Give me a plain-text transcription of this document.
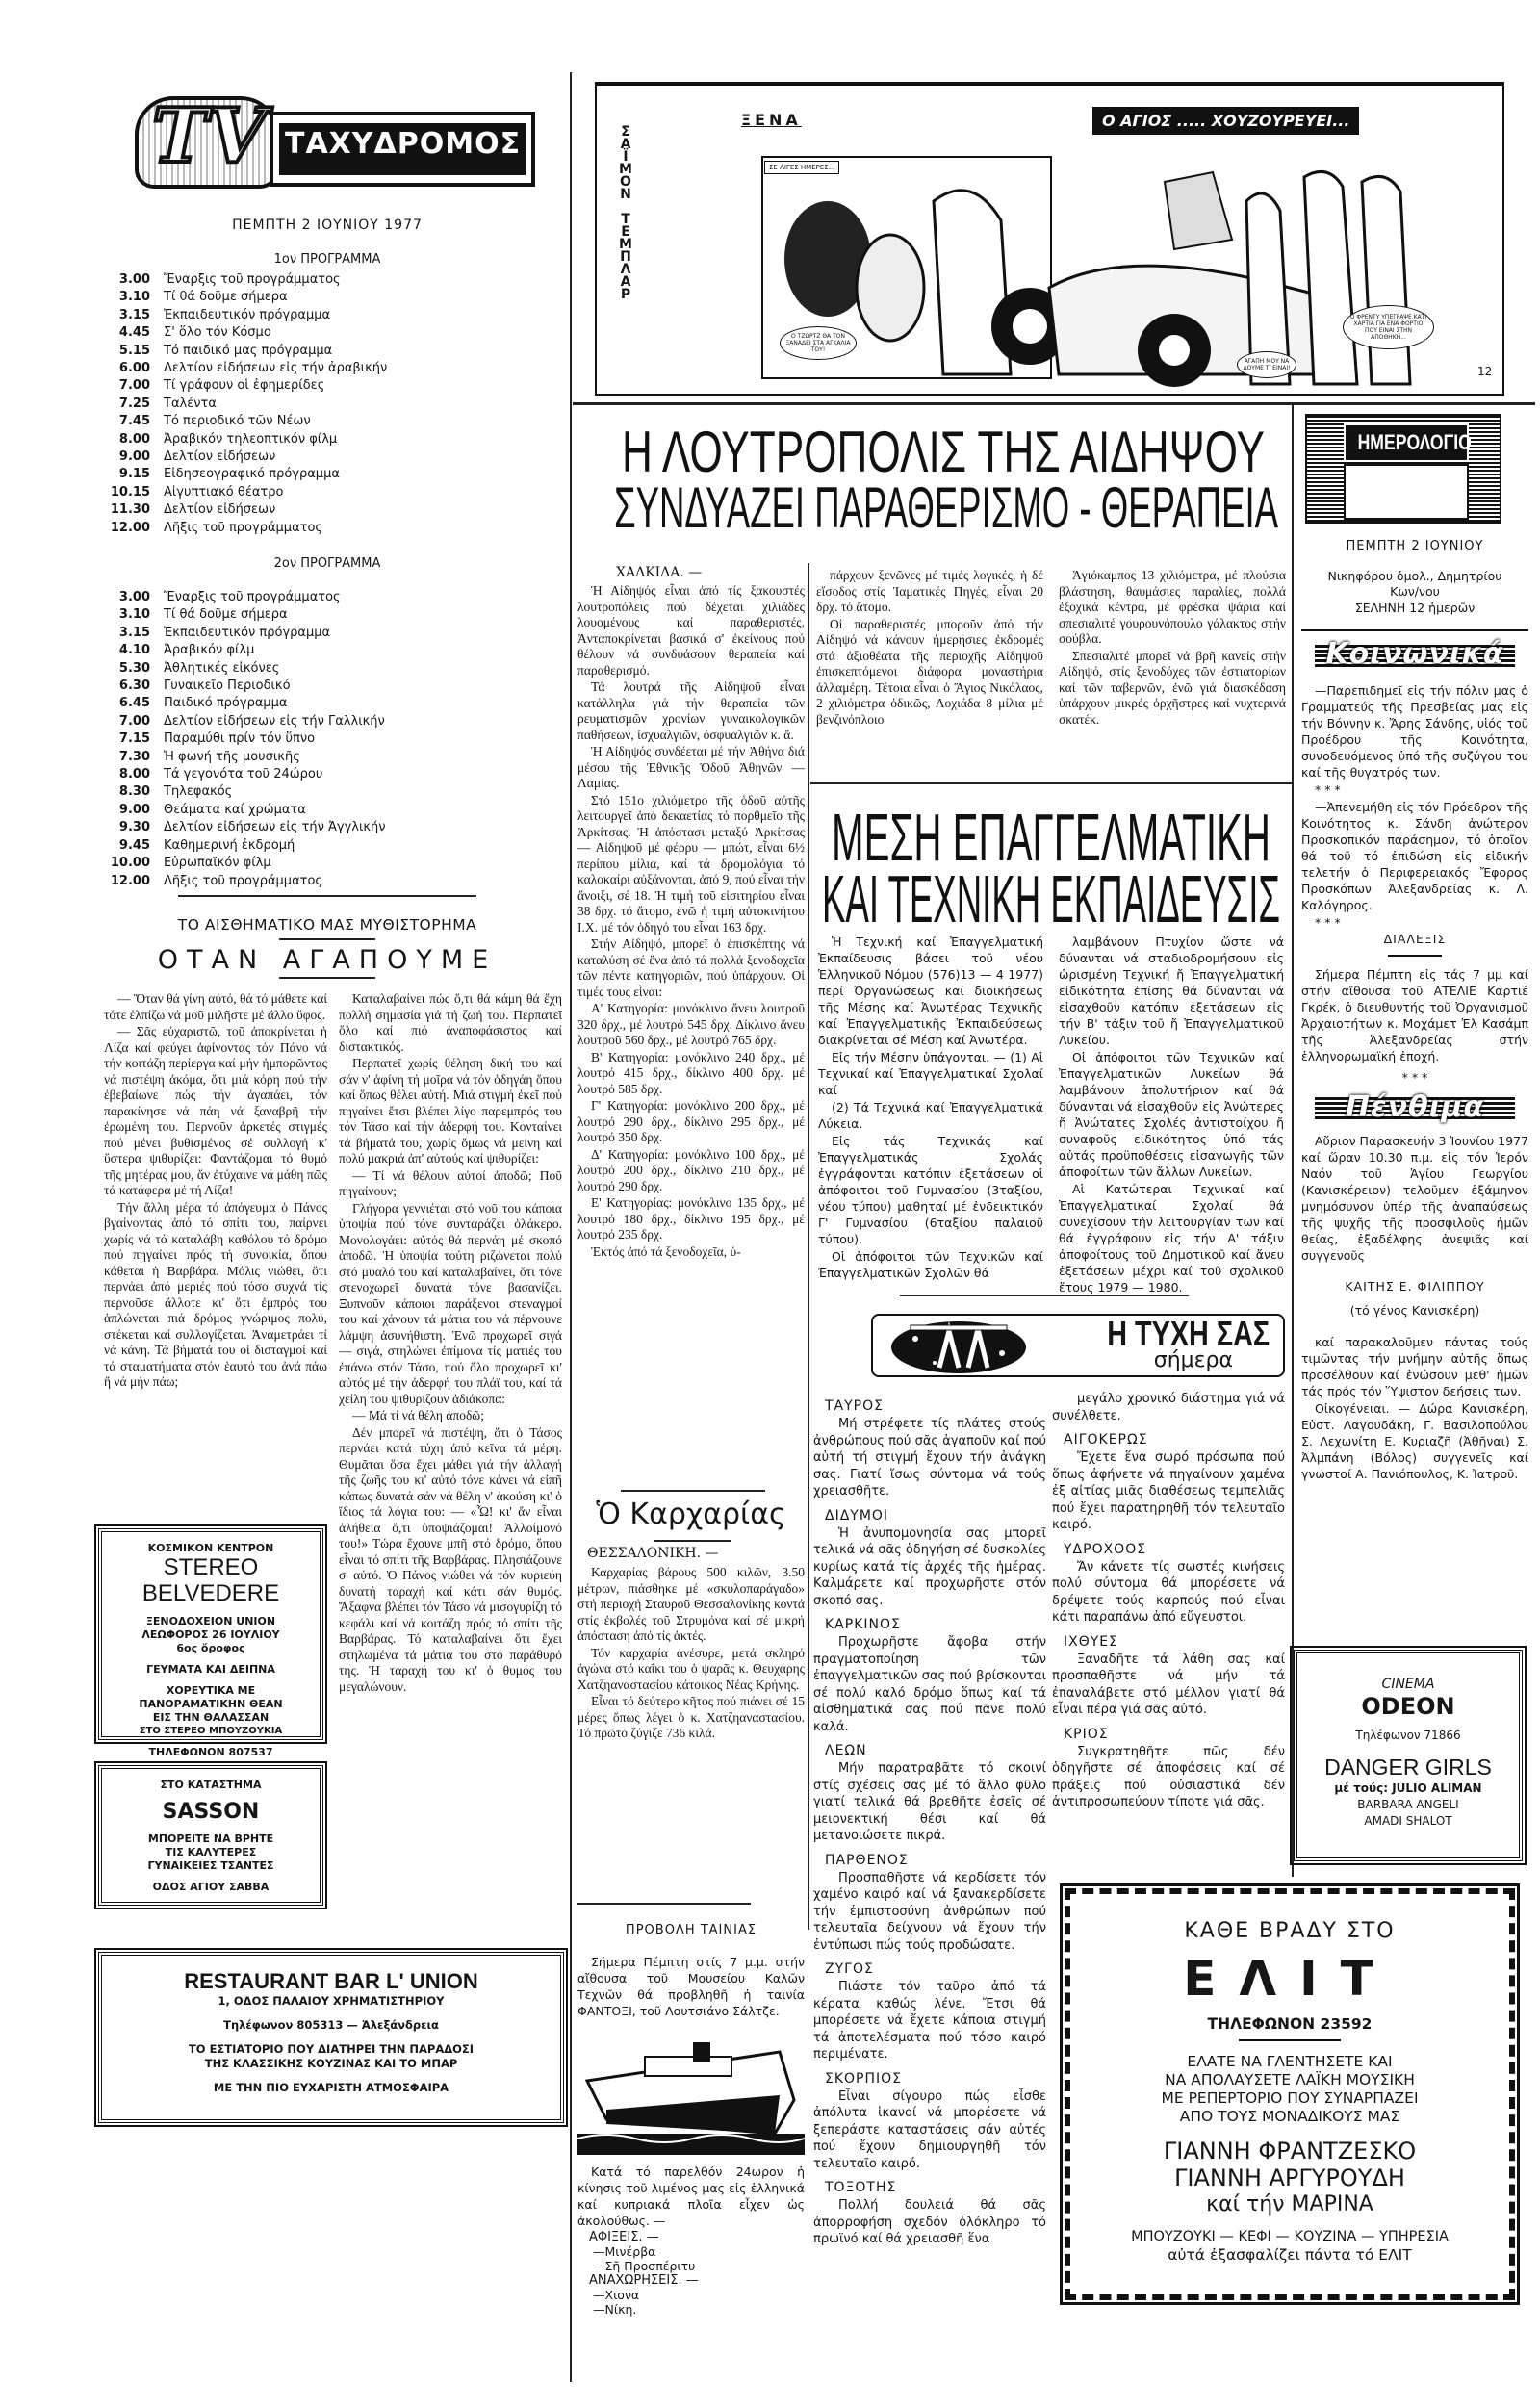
TV ΤΑΧΥΔΡΟΜΟΣ
ΠΕΜΠΤΗ 2 ΙΟΥΝΙΟΥ 1977
1ον ΠΡΟΓΡΑΜΜΑ
3.00	Ἔναρξις τοῦ προγράμματος
3.10	Τί θά δοῦμε σήμερα
3.15	Ἐκπαιδευτικόν πρόγραμμα
4.45	Σ' ὅλο τόν Κόσμο
5.15	Τό παιδικό μας πρόγραμμα
6.00	Δελτίον εἰδήσεων εἰς τήν ἀραβικήν
7.00	Τί γράφουν οἱ ἐφημερίδες
7.25	Ταλέντα
7.45	Τό περιοδικό τῶν Νέων
8.00	Ἀραβικόν τηλεοπτικόν φίλμ
9.00	Δελτίον εἰδήσεων
9.15	Εἰδησεογραφικό πρόγραμμα
10.15	Αἰγυπτιακό θέατρο
11.30	Δελτίον εἰδήσεων
12.00	Λῆξις τοῦ προγράμματος
2ον ΠΡΟΓΡΑΜΜΑ
3.00	Ἔναρξις τοῦ προγράμματος
3.10	Τί θά δοῦμε σήμερα
3.15	Ἐκπαιδευτικόν πρόγραμμα
4.10	Ἀραβικόν φίλμ
5.30	Ἀθλητικές εἰκόνες
6.30	Γυναικεῖο Περιοδικό
6.45	Παιδικό πρόγραμμα
7.00	Δελτίον εἰδήσεων εἰς τήν Γαλλικήν
7.15	Παραμύθι πρίν τόν ὕπνο
7.30	Ἡ φωνή τῆς μουσικῆς
8.00	Τά γεγονότα τοῦ 24ώρου
8.30	Τηλεφακός
9.00	Θεάματα καί χρώματα
9.30	Δελτίον εἰδήσεων εἰς τήν Ἀγγλικήν
9.45	Καθημερινή ἐκδρομή
10.00	Εὐρωπαϊκόν φίλμ
12.00	Λῆξις τοῦ προγράμματος
ΤΟ ΑΙΣΘΗΜΑΤΙΚΟ ΜΑΣ ΜΥΘΙΣΤΟΡΗΜΑ
ΟΤΑΝ ΑΓΑΠΟΥΜΕ

— Ὅταν θά γίνη αὐτό, θά τό μάθετε καί τότε ἐλπίζω νά μοῦ μιλῆστε μέ ἄλλο ὕφος.

— Σᾶς εὐχαριστῶ, τοῦ ἀποκρίνεται ἡ Λίζα καί φεύγει ἀφίνοντας τόν Πάνο νά τήν κοιτάζη περίεργα καί μήν ἠμπορῶντας νά πιστέψη ἀκόμα, ὅτι μιά κόρη πού τήν ἐβεβαίωνε πώς τήν ἀγαπάει, τόν παρακίνησε νά πάη νά ξαναβρῆ τήν ἐρωμένη του. Περνοῦν ἀρκετές στιγμές πού μένει βυθισμένος σέ συλλογή κ' ὕστερα ψιθυρίζει: Φαντάζομαι τό θυμό τῆς μητέρας μου, ἄν ἐτύχαινε νά μάθη πῶς τά κατάφερα μέ τή Λίζα!

Τήν ἄλλη μέρα τό ἀπόγευμα ὁ Πάνος βγαίνοντας ἀπό τό σπίτι του, παίρνει χωρίς νά τό καταλάβη καθόλου τό δρόμο πού πηγαίνει πρός τή συνοικία, ὅπου κάθεται ἡ Βαρβάρα. Μόλις νιώθει, ὅτι περνάει ἀπό μεριές πού τόσο συχνά τίς περνοῦσε ἄλλοτε κι' ὅτι ἐμπρός του ἁπλώνεται πιά δρόμος γνώριμος πολύ, στέκεται καί συλλογίζεται. Ἀναμετράει τί νά κάνη. Τά βήματά του οἱ δισταγμοί καί τά σταματήματα στόν ἑαυτό του ἀνά πάω ἤ νά μήν πάω;

Καταλαβαίνει πώς ὅ,τι θά κάμη θά ἔχη πολλή σημασία γιά τή ζωή του. Περπατεῖ ὅλο καί πιό ἀναποφάσιστος καί διστακτικός.

Περπατεῖ χωρίς θέληση δική του καί σάν ν' ἀφίνη τή μοῖρα νά τόν ὁδηγάη ὅπου καί ὅπως θέλει αὐτή. Μιά στιγμή ἐκεῖ πού πηγαίνει ἔτσι βλέπει λίγο παρεμπρός του τόν Τάσο καί τήν ἀδερφή του. Κονταίνει τά βήματά του, χωρίς ὅμως νά μείνη καί πολύ μακριά ἀπ' αὐτούς καί ψιθυρίζει:

— Τί νά θέλουν αὐτοί ἀποδῶ; Ποῦ πηγαίνουν;

Γλήγορα γεννιέται στό νοῦ του κάποια ὑποψία πού τόνε συνταράζει ὁλάκερο. Μονολογάει: αὐτός θά περνάη μέ σκοπό ἀποδῶ. Ἡ ὑποψία τούτη ριζώνεται πολύ στό μυαλό του καί καταλαβαίνει, ὅτι τόνε στενοχωρεῖ δυνατά τόνε βασανίζει. Ξυπνοῦν κάποιοι παράξενοι στεναγμοί του καί χάνουν τά μάτια του νά πέρνουνε λάμψη ἀσυνήθιστη. Ἐνῶ προχωρεῖ σιγά — σιγά, στηλώνει ἐπίμονα τίς ματιές του ἐπάνω στόν Τάσο, πού ὅλο προχωρεῖ κι' αὐτός μέ τήν ἀδερφή του πλάϊ του, καί τά χείλη του ψιθυρίζουν ἀδιάκοπα:

— Μά τί νά θέλη ἀποδῶ;

Δέν μπορεῖ νά πιστέψη, ὅτι ὁ Τάσος περνάει κατά τύχη ἀπό κεῖνα τά μέρη. Θυμᾶται ὅσα ἔχει μάθει γιά τήν ἀλλαγή τῆς ζωῆς του κι' αὐτό τόνε κάνει νά εἰπῆ κάπως δυνατά σάν νά θέλη ν' ἀκούση κι' ὁ ἴδιος τά λόγια του: — «Ὦ! κι' ἄν εἶναι ἀλήθεια ὅ,τι ὑποψιάζομαι! Ἀλλοίμονό του!» Τώρα ἔχουνε μπῆ στό δρόμο, ὅπου εἶναι τό σπίτι τῆς Βαρβάρας. Πλησιάζουνε σ' αὐτό. Ὁ Πάνος νιώθει νά τόν κυριεύη δυνατή ταραχή καί κάτι σάν θυμός. Ἄξαφνα βλέπει τόν Τάσο νά μισογυρίζη τό κεφάλι καί νά κοιτάζη πρός τό σπίτι τῆς Βαρβάρας. Τό καταλαβαίνει ὅτι ἔχει στηλωμένα τά μάτια του στό παράθυρό της. Ἡ ταραχή του κι' ὁ θυμός του μεγαλώνουν.

ΚΟΣΜΙΚΟΝ ΚΕΝΤΡΟΝ
STEREO
BELVEDERE
ΞΕΝΟΔΟΧΕΙΟΝ UNION
ΛΕΩΦΟΡΟΣ 26 ΙΟΥΛΙΟΥ
6ος ὄροφος
ΓΕΥΜΑΤΑ ΚΑΙ ΔΕΙΠΝΑ
ΧΟΡΕΥΤΙΚΑ ΜΕ
ΠΑΝΟΡΑΜΑΤΙΚΗΝ ΘΕΑΝ
ΕΙΣ ΤΗΝ ΘΑΛΑΣΣΑΝ
ΣΤΟ ΣΤΕΡΕΟ ΜΠΟΥΖΟΥΚΙΑ
ΤΗΛΕΦΩΝΟΝ 807537
ΣΤΟ ΚΑΤΑΣΤΗΜΑ
SASSON
ΜΠΟΡΕΙΤΕ ΝΑ ΒΡΗΤΕ
ΤΙΣ ΚΑΛΥΤΕΡΕΣ
ΓΥΝΑΙΚΕΙΕΣ ΤΣΑΝΤΕΣ
ΟΔΟΣ ΑΓΙΟΥ ΣΑΒΒΑ
RESTAURANT BAR L' UNION
1, ΟΔΟΣ ΠΑΛΑΙΟΥ ΧΡΗΜΑΤΙΣΤΗΡΙΟΥ
Τηλέφωνον 805313 — Ἀλεξάνδρεια
ΤΟ ΕΣΤΙΑΤΟΡΙΟ ΠΟΥ ΔΙΑΤΗΡΕΙ ΤΗΝ ΠΑΡΑΔΟΣΙ
ΤΗΣ ΚΛΑΣΣΙΚΗΣ ΚΟΥΖΙΝΑΣ ΚΑΙ ΤΟ ΜΠΑΡ
ΜΕ ΤΗΝ ΠΙΟ ΕΥΧΑΡΙΣΤΗ ΑΤΜΟΣΦΑΙΡΑ
ΣΑΪΜΟΝ ΤΕΜΠΛΑΡ
ΞΕΝΑ	Ο ΑΓΙΟΣ ..... ΧΟΥΖΟΥΡΕΥΕΙ...
ΣΕ ΛΙΓΕΣ ΗΜΕΡΕΣ...
Ο ΤΖΩΡΤΖ ΘΑ ΤΟΝ ΞΑΝΑΔΕΙ ΣΤΑ ΑΓΚΑΛΙΑ ΤΟΥ!
Ο ΦΡΕΝΤΥ ΥΠΕΓΡΑΨΕ ΚΑΤΙ ΧΑΡΤΙΑ ΓΙΑ ΕΝΑ ΦΟΡΤΙΟ ΠΟΥ ΕΙΝΑΙ ΣΤΗΝ ΑΠΟΘΗΚΗ...
ΑΓΑΠΗ ΜΟΥ ΝΑ ΔΟΥΜΕ ΤΙ ΕΙΝΑΙ!	12
Η ΛΟΥΤΡΟΠΟΛΙΣ ΤΗΣ ΑΙΔΗΨΟΥ
ΣΥΝΔΥΑΖΕΙ ΠΑΡΑΘΕΡΙΣΜΟ - ΘΕΡΑΠΕΙΑ
ΧΑΛΚΙΔΑ. —

Ἡ Αἰδηψός εἶναι ἀπό τίς ξακουστές λουτροπόλεις πού δέχεται χιλιάδες λουομένους καί παραθεριστές. Ἀνταποκρίνεται βασικά σ' ἐκείνους πού θέλουν νά συνδυάσουν θεραπεία καί παραθερισμό.

Τά λουτρά τῆς Αἰδηψοῦ εἶναι κατάλληλα γιά τήν θεραπεία τῶν ρευματισμῶν χρονίων γυναικολογικῶν παθήσεων, ἰσχυαλγιῶν, ὀσφυαλγιῶν κ. ἄ.

Ἡ Αἰδηψός συνδέεται μέ τήν Ἀθήνα διά μέσου τῆς Ἐθνικῆς Ὁδοῦ Ἀθηνῶν — Λαμίας.

Στό 151ο χιλιόμετρο τῆς ὁδοῦ αὐτῆς λειτουργεῖ ἀπό δεκαετίας τό πορθμεῖο τῆς Ἀρκίτσας. Ἡ ἀπόστασι μεταξύ Ἀρκίτσας — Αἰδηψοῦ μέ φέρρυ — μπώτ, εἶναι 6½ περίπου μίλια, καί τά δρομολόγια τό καλοκαίρι αὐξάνονται, ἀπό 9, πού εἶναι τήν ἄνοιξι, σέ 18. Ἡ τιμή τοῦ εἰσιτηρίου εἶναι 38 δρχ. τό ἄτομο, ἐνῶ ἡ τιμή αὐτοκινήτου Ι.Χ. μέ τόν ὁδηγό του εἶναι 163 δρχ.

Στήν Αἰδηψό, μπορεῖ ὁ ἐπισκέπτης νά καταλύση σέ ἕνα ἀπό τά πολλά ξενοδοχεῖα τῶν πέντε κατηγοριῶν, πού ὑπάρχουν. Οἱ τιμές τους εἶναι:

Α' Κατηγορία: μονόκλινο ἄνευ λουτροῦ 320 δρχ., μέ λουτρό 545 δρχ. Δίκλινο ἄνευ λουτροῦ 560 δρχ., μέ λουτρό 765 δρχ.

Β' Κατηγορία: μονόκλινο 240 δρχ., μέ λουτρό 415 δρχ., δίκλινο 400 δρχ. μέ λουτρό 585 δρχ.

Γ' Κατηγορία: μονόκλινο 200 δρχ., μέ λουτρό 290 δρχ., δίκλινο 295 δρχ., μέ λουτρό 350 δρχ.

Δ' Κατηγορία: μονόκλινο 100 δρχ., μέ λουτρό 200 δρχ., δίκλινο 210 δρχ., μέ λουτρό 290 δρχ.

Ε' Κατηγορίας: μονόκλινο 135 δρχ., μέ λουτρό 180 δρχ., δίκλινο 195 δρχ., μέ λουτρό 235 δρχ.

Ἐκτός ἀπό τά ξενοδοχεῖα, ὑ-

πάρχουν ξενῶνες μέ τιμές λογικές, ἡ δέ εἴσοδος στίς Ἰαματικές Πηγές, εἶναι 20 δρχ. τό ἄτομο.

Οἱ παραθεριστές μποροῦν ἀπό τήν Αἰδηψό νά κάνουν ἡμερήσιες ἐκδρομές στά ἀξιοθέατα τῆς περιοχῆς Αἰδηψοῦ ἐπισκεπτόμενοι διάφορα μοναστήρια ἀλλαμέρη. Τέτοια εἶναι ὁ Ἅγιος Νικόλαος, 2 χιλιόμετρα ὁδικῶς, Λοχιάδα 8 μίλια μέ βενζινόπλοιο

Ἁγιόκαμπος 13 χιλιόμετρα, μέ πλούσια βλάστηση, θαυμάσιες παραλίες, πολλά ἐξοχικά κέντρα, μέ φρέσκα ψάρια καί σπεσιαλιτέ γουρουνόπουλο γάλακτος στήν σούβλα.

Σπεσιαλιτέ μπορεῖ νά βρῆ κανείς στήν Αἰδηψό, στίς ξενοδόχες τῶν ἐστιατορίων καί τῶν ταβερνῶν, ἐνῶ γιά διασκέδαση ὑπάρχουν μικρές ὀρχῆστρες καί νυχτερινά σκατέκ.

ΜΕΣΗ ΕΠΑΓΓΕΛΜΑΤΙΚΗ
ΚΑΙ ΤΕΧΝΙΚΗ ΕΚΠΑΙΔΕΥΣΙΣ

Ἡ Τεχνική καί Ἐπαγγελματική Ἐκπαίδευσις βάσει τοῦ νέου Ἑλληνικοῦ Νόμου (576)13 — 4 1977) περί Ὀργανώσεως καί διοικήσεως τῆς Μέσης καί Ἀνωτέρας Τεχνικῆς καί Ἐπαγγελματικῆς Ἐκπαιδεύσεως διακρίνεται σέ Μέση καί Ἀνωτέρα.

Εἰς τήν Μέσην ὑπάγονται. — (1) Αἱ Τεχνικαί καί Ἐπαγγελματικαί Σχολαί καί

(2) Τά Τεχνικά καί Ἐπαγγελματικά Λύκεια.

Εἰς τάς Τεχνικάς καί Ἐπαγγελματικάς Σχολάς ἐγγράφονται κατόπιν ἐξετάσεων οἱ ἀπόφοιτοι τοῦ Γυμνασίου (3ταξίου, νέου τύπου) μαθηταί μέ ἐνδεικτικόν Γ' Γυμνασίου (6ταξίου παλαιοῦ τύπου).

Οἱ ἀπόφοιτοι τῶν Τεχνικῶν καί Ἐπαγγελματικῶν Σχολῶν θά

λαμβάνουν Πτυχίον ὥστε νά δύνανται νά σταδιοδρομήσουν εἰς ὡρισμένη Τεχνική ἤ Ἐπαγγελματική εἰδικότητα ἐπίσης θά δύνανται νά εἰσαχθοῦν κατόπιν ἐξετάσεων εἰς τήν Β' τάξιν τοῦ ἤ Ἐπαγγελματικοῦ Λυκείου.

Οἱ ἀπόφοιτοι τῶν Τεχνικῶν καί Ἐπαγγελματικῶν Λυκείων θά λαμβάνουν ἀπολυτήριον καί θά δύνανται νά εἰσαχθοῦν εἰς Ἀνώτερες ἤ Ἀνώτατες Σχολές ἀντιστοίχου ἤ συναφοῦς εἰδικότητος ὑπό τάς αὐτάς προϋποθέσεις εἰσαγωγῆς τῶν ἀποφοίτων τῶν ἄλλων Λυκείων.

Αἱ Κατώτεραι Τεχνικαί καί Ἐπαγγελματικαί Σχολαί θά συνεχίσουν τήν λειτουργίαν των καί θά ἐγγράφουν εἰς τήν Α' τάξιν ἀποφοίτους τοῦ Δημοτικοῦ καί ἄνευ ἐξετάσεων μέχρι καί τοῦ σχολικοῦ ἔτους 1979 — 1980.

Η ΤΥΧΗ ΣΑΣ
σήμερα
ΤΑΥΡΟΣ

Μή στρέφετε τίς πλάτες στούς ἀνθρώπους πού σᾶς ἀγαποῦν καί πού αὐτή τή στιγμή ἔχουν τήν ἀνάγκη σας. Γιατί ἴσως σύντομα νά τούς χρειασθῆτε.

ΔΙΔΥΜΟΙ

Ἡ ἀνυπομονησία σας μπορεῖ τελικά νά σᾶς ὁδηγήση σέ δυσκολίες κυρίως κατά τίς ἀρχές τῆς ἡμέρας. Καλμάρετε καί προχωρῆστε στόν σκοπό σας.

ΚΑΡΚΙΝΟΣ

Προχωρῆστε ἄφοβα στήν πραγματοποίηση τῶν ἐπαγγελματικῶν σας πού βρίσκονται σέ πολύ καλό δρόμο ὅπως καί τά αἰσθηματικά σας πού πᾶνε πολύ καλά.

ΛΕΩΝ

Μήν παρατραβᾶτε τό σκοινί στίς σχέσεις σας μέ τό ἄλλο φῦλο γιατί τελικά θά βρεθῆτε ἐσεῖς σέ μειονεκτική θέσι καί θά μετανοιώσετε πικρά.

ΠΑΡΘΕΝΟΣ

Προσπαθῆστε νά κερδίσετε τόν χαμένο καιρό καί νά ξανακερδίσετε τήν ἐμπιστοσύνη ἀνθρώπων πού τελευταῖα δείχνουν νά ἔχουν τήν ἐντύπωσι πώς τούς προδώσατε.

ΖΥΓΟΣ

Πιάστε τόν ταῦρο ἀπό τά κέρατα καθώς λένε. Ἔτσι θά μπορέσετε νά ἔχετε κάποια στιγμή τά ἀποτελέσματα πού τόσο καιρό περιμένατε.

ΣΚΟΡΠΙΟΣ

Εἶναι σίγουρο πώς εἶσθε ἀπόλυτα ἱκανοί νά μπορέσετε νά ξεπεράστε καταστάσεις σάν αὐτές πού ἔχουν δημιουργηθῆ τόν τελευταῖο καιρό.

ΤΟΞΟΤΗΣ

Πολλή δουλειά θά σᾶς ἀπορροφήση σχεδόν ὁλόκληρο τό πρωϊνό καί θά χρειασθῆ ἕνα

μεγάλο χρονικό διάστημα γιά νά συνέλθετε.

ΑΙΓΟΚΕΡΩΣ

Ἔχετε ἕνα σωρό πρόσωπα πού ὅπως ἀφήνετε νά πηγαίνουν χαμένα ἐξ αἰτίας μιᾶς διαθέσεως τεμπελιᾶς πού ἔχει παρατηρηθῆ τόν τελευταῖο καιρό.

ΥΔΡΟΧΟΟΣ

Ἄν κάνετε τίς σωστές κινήσεις πολύ σύντομα θά μπορέσετε νά δρέψετε τούς καρπούς πού εἶναι κάτι παραπάνω ἀπό εὔγευστοι.

ΙΧΘΥΕΣ

Ξαναδῆτε τά λάθη σας καί προσπαθῆστε νά μήν τά ἐπαναλάβετε στό μέλλον γιατί θά εἶναι πέρα γιά σᾶς αὐτό.

ΚΡΙΟΣ

Συγκρατηθῆτε πῶς δέν ὁδηγῆστε σέ ἀποφάσεις καί σέ πράξεις πού οὐσιαστικά δέν ἀντιπροσωπεύουν τίποτε γιά σᾶς.

Ὁ Καρχαρίας
ΘΕΣΣΑΛΟΝΙΚΗ. —

Καρχαρίας βάρους 500 κιλῶν, 3.50 μέτρων, πιάσθηκε μέ «σκυλοπαράγαδο» στή περιοχή Σταυροῦ Θεσσαλονίκης κοντά στίς ἐκβολές τοῦ Στρυμόνα καί σέ μικρή ἀπόσταση ἀπό τίς ἀκτές.

Τόν καρχαρία ἀνέσυρε, μετά σκληρό ἀγώνα στό καΐκι του ὁ ψαρᾶς κ. Θευχάρης Χατζηαναστασίου κάτοικος Νέας Κρήνης.

Εἶναι τό δεύτερο κῆτος πού πιάνει σέ 15 μέρες ὅπως λέγει ὁ κ. Χατζηαναστασίου. Τό πρῶτο ζύγιζε 736 κιλά.

ΠΡΟΒΟΛΗ ΤΑΙΝΙΑΣ

Σήμερα Πέμπτη στίς 7 μ.μ. στήν αἴθουσα τοῦ Μουσείου Καλῶν Τεχνῶν θά προβληθῆ ἡ ταινία ΦΑΝΤΟΞΙ, τοῦ Λουτσιάνο Σάλτζε.

Κατά τό παρελθόν 24ωρον ἡ κίνησις τοῦ λιμένος μας εἰς ἑλληνικά καί κυπριακά πλοῖα εἶχεν ὡς ἀκολούθως. —

ΑΦΙΞΕΙΣ. —
—Μινέρβα
—Σῆ Προσπέριτυ
ΑΝΑΧΩΡΗΣΕΙΣ. —
—Χιονα
—Νίκη.
ΗΜΕΡΟΛΟΓΙΟ
ΠΕΜΠΤΗ 2 ΙΟΥΝΙΟΥ
Νικηφόρου ὁμολ., Δημητρίου Κων/νου
ΣΕΛΗΝΗ 12 ἡμερῶν
Κοινωνικά

—Παρεπιδημεῖ εἰς τήν πόλιν μας ὁ Γραμματεύς τῆς Πρεσβείας μας εἰς τήν Βόννην κ. Ἄρης Σάνδης, υἱός τοῦ Προέδρου τῆς Κοινότητα, συνοδευόμενος ὑπό τῆς συζύγου του καί τῆς θυγατρός των.

* * *

—Ἀπενεμήθη εἰς τόν Πρόεδρον τῆς Κοινότητος κ. Σάνδη ἀνώτερον Προσκοπικόν παράσημον, τό ὁποῖον θά τοῦ τό ἐπιδώση εἰς εἰδικήν τελετήν ὁ Περιφερειακός Ἔφορος Προσκόπων Ἀλεξανδρείας κ. Λ. Καλόγηρος.

* * *

ΔΙΑΛΕΞΙΣ

Σήμερα Πέμπτη εἰς τάς 7 μμ καί στήν αἴθουσα τοῦ ΑΤΕΛΙΕ Καρτιέ Γκρέκ, ὁ διευθυντής τοῦ Ὀργανισμοῦ Ἀρχαιοτήτων κ. Μοχάμετ Ἐλ Κασάμπ τῆς Ἀλεξανδρείας στήν ἑλληνορωμαϊκή ἐποχή.

* * *
Πένθιμα

Αὔριον Παρασκευήν 3 Ἰουνίου 1977 καί ὥραν 10.30 π.μ. εἰς τόν Ἱερόν Ναόν τοῦ Ἁγίου Γεωργίου (Κανισκέρειον) τελοῦμεν ἑξάμηνον μνημόσυνον ὑπέρ τῆς ἀναπαύσεως τῆς ψυχῆς τῆς προσφιλοῦς ἡμῶν θείας, ἐξαδέλφης ἀνεψιᾶς καί συγγενοῦς

ΚΑΙΤΗΣ Ε. ΦΙΛΙΠΠΟΥ
(τό γένος Κανισκέρη)

καί παρακαλοῦμεν πάντας τούς τιμῶντας τήν μνήμην αὐτῆς ὅπως προσέλθουν καί ἑνώσουν μεθ' ἡμῶν τάς πρός τόν Ὕψιστον δεήσεις των.

Οἰκογένειαι. — Δώρα Κανισκέρη, Εὐστ. Λαγουδάκη, Γ. Βασιλοπούλου Σ. Λεχωνίτη Ε. Κυριαζῆ (Ἀθῆναι) Σ. Ἀλμπάνη (Βόλος) συγγενεῖς καί γνωστοί Α. Πανιόπουλος, Κ. Ἰατροῦ.

CINEMA
ODEON
Τηλέφωνον 71866
DANGER GIRLS
μέ τούς: JULIO ALIMAN
BARBARA ANGELI
AMADI SHALOT
ΚΑΘΕ ΒΡΑΔΥ ΣΤΟ
ΕΛΙΤ
ΤΗΛΕΦΩΝΟΝ 23592
ΕΛΑΤΕ ΝΑ ΓΛΕΝΤΗΣΕΤΕ ΚΑΙ
ΝΑ ΑΠΟΛΑΥΣΕΤΕ ΛΑΪΚΗ ΜΟΥΣΙΚΗ
ΜΕ ΡΕΠΕΡΤΟΡΙΟ ΠΟΥ ΣΥΝΑΡΠΑΖΕΙ
ΑΠΟ ΤΟΥΣ ΜΟΝΑΔΙΚΟΥΣ ΜΑΣ
ΓΙΑΝΝΗ ΦΡΑΝΤΖΕΣΚΟ
ΓΙΑΝΝΗ ΑΡΓΥΡΟΥΔΗ
καί τήν ΜΑΡΙΝΑ
ΜΠΟΥΖΟΥΚΙ — ΚΕΦΙ — ΚΟΥΖΙΝΑ — ΥΠΗΡΕΣΙΑ
αὐτά ἐξασφαλίζει πάντα τό ΕΛΙΤ
